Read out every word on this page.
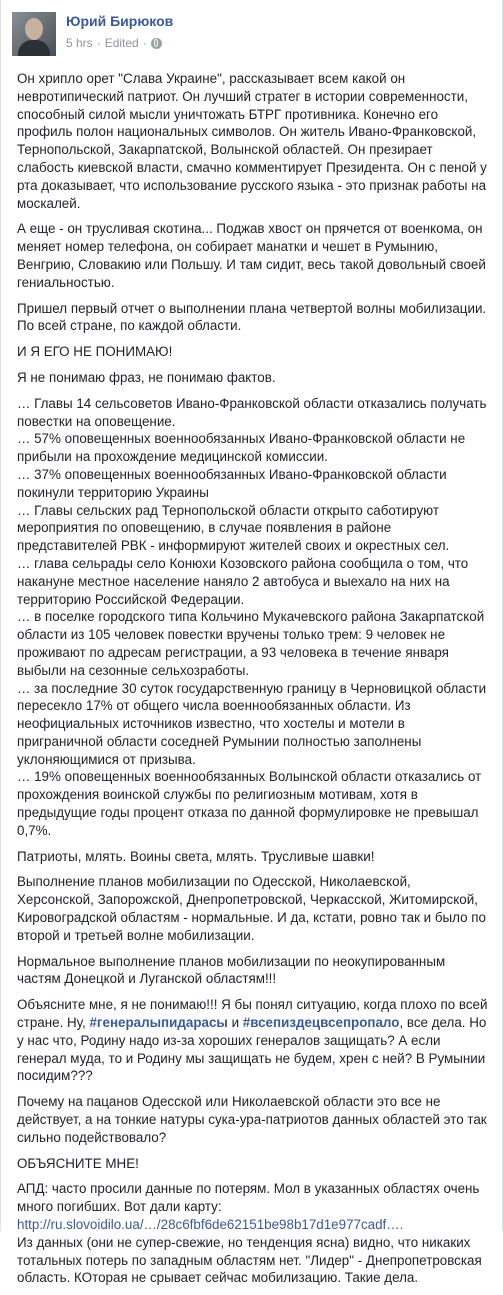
Юрий Бирюков
5 hrs · Edited ·

Он хрипло орет "Слава Украине", рассказывает всем какой он невротипический патриот. Он лучший стратег в истории современности, способный силой мысли уничтожать БТРГ противника. Конечно его профиль полон национальных символов. Он житель Ивано-Франковской, Тернопольской, Закарпатской, Волынской областей. Он презирает слабость киевской власти, смачно комментирует Президента. Он с пеной у рта доказывает, что использование русского языка - это признак работы на москалей.

А еще - он трусливая скотина... Поджав хвост он прячется от военкома, он меняет номер телефона, он собирает манатки и чешет в Румынию, Венгрию, Словакию или Польшу. И там сидит, весь такой довольный своей гениальностью.

Пришел первый отчет о выполнении плана четвертой волны мобилизации. По всей стране, по каждой области.

И Я ЕГО НЕ ПОНИМАЮ!

Я не понимаю фраз, не понимаю фактов.

… Главы 14 сельсоветов Ивано-Франковской области отказались получать повестки на оповещение.
… 57% оповещенных военнообязанных Ивано-Франковской области не прибыли на прохождение медицинской комиссии.
… 37% оповещенных военнообязанных Ивано-Франковской области покинули территорию Украины
… Главы сельских рад Тернопольской области открыто саботируют мероприятия по оповещению, в случае появления в районе представителей РВК - информируют жителей своих и окрестных сел.
… глава сельрады село Конюхи Козовского района сообщила о том, что накануне местное население наняло 2 автобуса и выехало на них на территорию Российской Федерации.
… в поселке городского типа Кольчино Мукачевского района Закарпатской области из 105 человек повестки вручены только трем: 9 человек не проживают по адресам регистрации, а 93 человека в течение января выбыли на сезонные сельхозработы.
… за последние 30 суток государственную границу в Черновицкой области пересекло 17% от общего числа военнообязанных области. Из неофициальных источников известно, что хостелы и мотели в приграничной области соседней Румынии полностью заполнены уклоняющимися от призыва.
… 19% оповещенных военнообязанных Волынской области отказались от прохождения воинской службы по религиозным мотивам, хотя в предыдущие годы процент отказа по данной формулировке не превышал 0,7%.

Патриоты, млять. Воины света, млять. Трусливые шавки!

Выполнение планов мобилизации по Одесской, Николаевской, Херсонской, Запорожской, Днепропетровской, Черкасской, Житомирской, Кировоградской областям - нормальные. И да, кстати, ровно так и было по второй и третьей волне мобилизации.

Нормальное выполнение планов мобилизации по неокупированным частям Донецкой и Луганской областям!!!

Объясните мне, я не понимаю!!! Я бы понял ситуацию, когда плохо по всей стране. Ну, #генералыпидарасы и #всепиздецвсепропало, все дела. Но у нас что, Родину надо из-за хороших генералов защищать? А если генерал муда, то и Родину мы защищать не будем, хрен с ней? В Румынии посидим???

Почему на пацанов Одесской или Николаевской области это все не действует, а на тонкие натуры сука-ура-патриотов данных областей это так сильно подействовало?

ОБЪЯСНИТЕ МНЕ!

АПД: часто просили данные по потерям. Мол в указанных областях очень много погибших. Вот дали карту: http://ru.slovoidilo.ua/…/28c6fbf6de62151be98b17d1e977cadf….

Из данных (они не супер-свежие, но тенденция ясна) видно, что никаких тотальных потерь по западным областям нет. "Лидер" - Днепропетровская область. КОторая не срывает сейчас мобилизацию. Такие дела.
